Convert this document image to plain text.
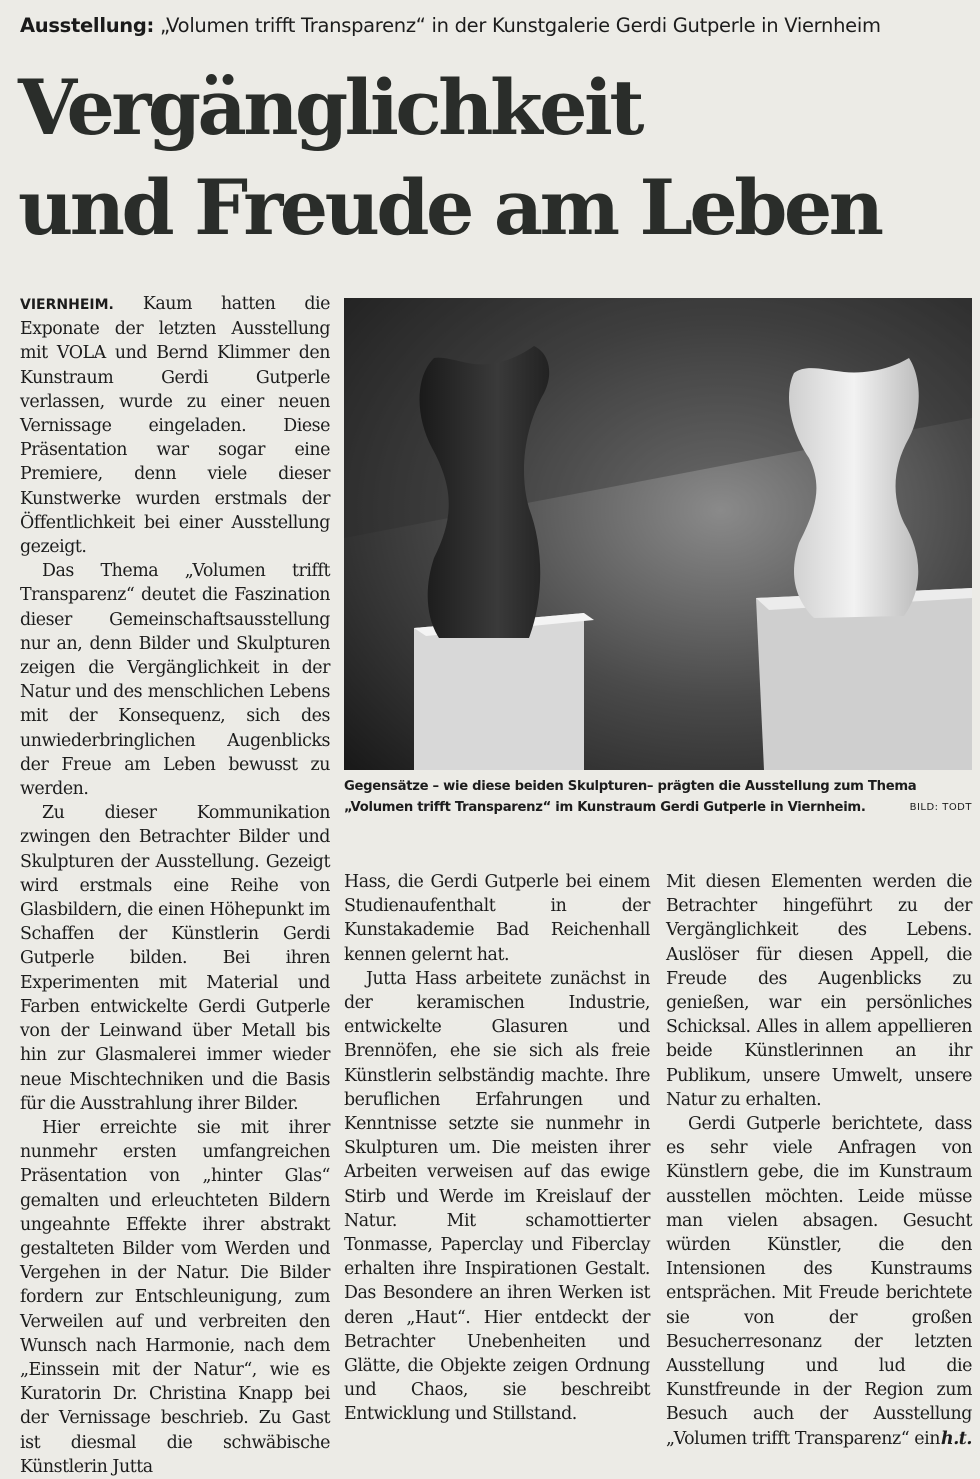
Ausstellung: „Volumen trifft Transparenz“ in der Kunstgalerie Gerdi Gutperle in Viernheim
Vergänglichkeit
und Freude am Leben

VIERNHEIM. Kaum hatten die Exponate der letzten Ausstellung mit VOLA und Bernd Klimmer den Kunstraum Gerdi Gutperle verlassen, wurde zu einer neuen Vernissage eingeladen. Diese Präsentation war sogar eine Premiere, denn viele dieser Kunstwerke wurden erstmals der Öffentlichkeit bei einer Ausstellung gezeigt.

Das Thema „Volumen trifft Transparenz“ deutet die Faszination dieser Gemeinschaftsausstellung nur an, denn Bilder und Skulpturen zeigen die Vergänglichkeit in der Natur und des menschlichen Lebens mit der Konsequenz, sich des unwiederbringlichen Augenblicks der Freue am Leben bewusst zu werden.

Zu dieser Kommunikation zwingen den Betrachter Bilder und Skulpturen der Ausstellung. Gezeigt wird erstmals eine Reihe von Glasbildern, die einen Höhepunkt im Schaffen der Künstlerin Gerdi Gutperle bilden. Bei ihren Experimenten mit Material und Farben entwickelte Gerdi Gutperle von der Leinwand über Metall bis hin zur Glasmalerei immer wieder neue Mischtechniken und die Basis für die Ausstrahlung ihrer Bilder.

Hier erreichte sie mit ihrer nunmehr ersten umfangreichen Präsentation von „hinter Glas“ gemalten und erleuchteten Bildern ungeahnte Effekte ihrer abstrakt gestalteten Bilder vom Werden und Vergehen in der Natur. Die Bilder fordern zur Entschleunigung, zum Verweilen auf und verbreiten den Wunsch nach Harmonie, nach dem „Einssein mit der Natur“, wie es Kuratorin Dr. Christina Knapp bei der Vernissage beschrieb. Zu Gast ist diesmal die schwäbische Künstlerin Jutta

Gegensätze – wie diese beiden Skulpturen– prägten die Ausstellung zum Thema „Volumen trifft Transparenz“ im Kunstraum Gerdi Gutperle in Viernheim.	BILD: TODT

Hass, die Gerdi Gutperle bei einem Studienaufenthalt in der Kunstakademie Bad Reichenhall kennen gelernt hat.

Jutta Hass arbeitete zunächst in der keramischen Industrie, entwickelte Glasuren und Brennöfen, ehe sie sich als freie Künstlerin selbständig machte. Ihre beruflichen Erfahrungen und Kenntnisse setzte sie nunmehr in Skulpturen um. Die meisten ihrer Arbeiten verweisen auf das ewige Stirb und Werde im Kreislauf der Natur. Mit schamottierter Tonmasse, Paperclay und Fiberclay erhalten ihre Inspirationen Gestalt. Das Besondere an ihren Werken ist deren „Haut“. Hier entdeckt der Betrachter Unebenheiten und Glätte, die Objekte zeigen Ordnung und Chaos, sie beschreibt Entwicklung und Stillstand.

Mit diesen Elementen werden die Betrachter hingeführt zu der Vergänglichkeit des Lebens. Auslöser für diesen Appell, die Freude des Augenblicks zu genießen, war ein persönliches Schicksal. Alles in allem appellieren beide Künstlerinnen an ihr Publikum, unsere Umwelt, unsere Natur zu erhalten.

Gerdi Gutperle berichtete, dass es sehr viele Anfragen von Künstlern gebe, die im Kunstraum ausstellen möchten. Leide müsse man vielen absagen. Gesucht würden Künstler, die den Intensionen des Kunstraums entsprächen. Mit Freude berichtete sie von der großen Besucherresonanz der letzten Ausstellung und lud die Kunstfreunde in der Region zum Besuch auch der Ausstellung „Volumen trifft Transparenz“ ein.

h.t.
